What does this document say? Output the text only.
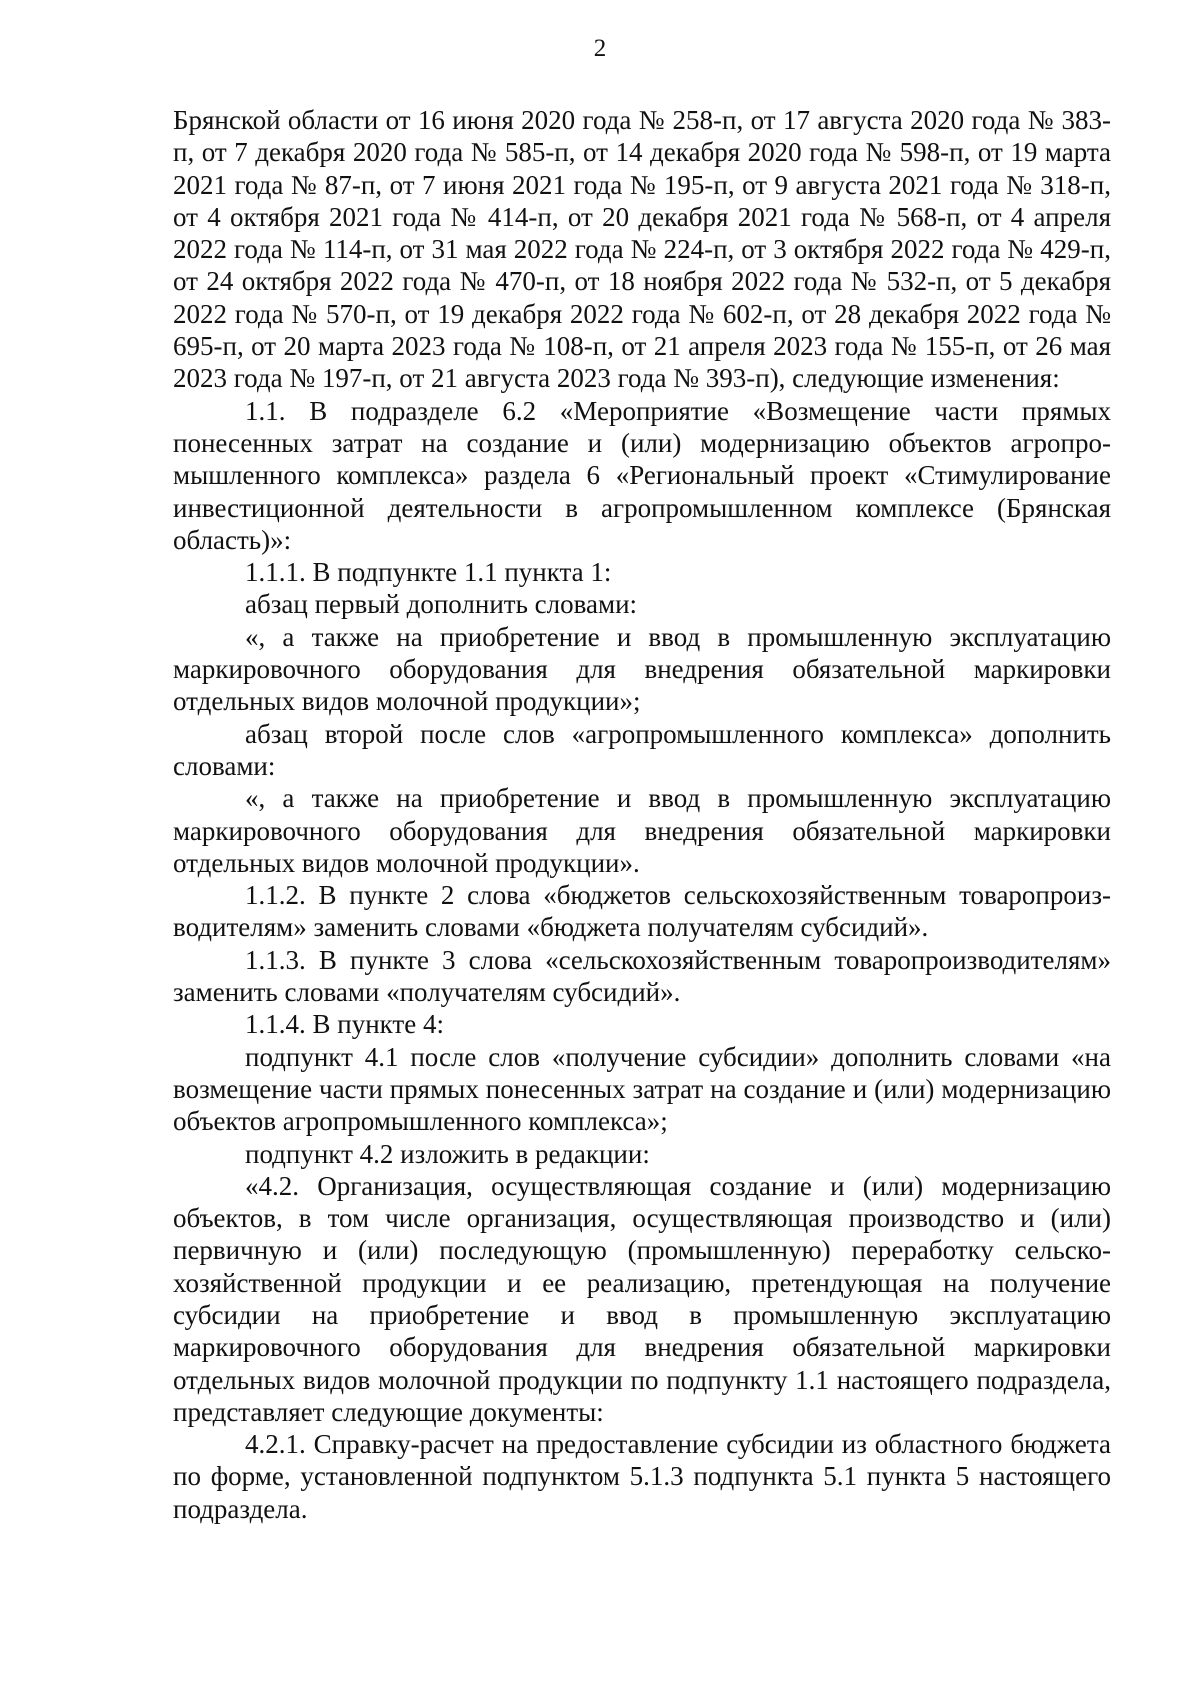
2

Брянской области от 16 июня 2020 года № 258-п, от 17 августа 2020 года № 383-п, от 7 декабря 2020 года № 585-п, от 14 декабря 2020 года № 598-п, от 19 марта 2021 года № 87-п, от 7 июня 2021 года № 195-п, от 9 августа 2021 года № 318-п, от 4 октября 2021 года № 414-п, от 20 декабря 2021 года № 568-п, от 4 апреля 2022 года № 114-п, от 31 мая 2022 года № 224-п, от 3 октября 2022 года № 429-п, от 24 октября 2022 года № 470-п, от 18 ноября 2022 года № 532-п, от 5 декабря 2022 года № 570-п, от 19 декабря 2022 года № 602-п, от 28 декабря 2022 года № 695-п, от 20 марта 2023 года № 108-п, от 21 апреля 2023 года № 155-п, от 26 мая 2023 года № 197-п, от 21 августа 2023 года № 393-п), следующие изменения:

1.1. В подразделе 6.2 «Мероприятие «Возмещение части прямых понесенных затрат на создание и (или) модернизацию объектов агропромышленного комплекса» раздела 6 «Региональный проект «Стимулирование инвестиционной деятельности в агропромышленном комплексе (Брянская область)»:

1.1.1. В подпункте 1.1 пункта 1:

абзац первый дополнить словами:

«, а также на приобретение и ввод в промышленную эксплуатацию маркировочного оборудования для внедрения обязательной маркировки отдельных видов молочной продукции»;

абзац второй после слов «агропромышленного комплекса» дополнить словами:

«, а также на приобретение и ввод в промышленную эксплуатацию маркировочного оборудования для внедрения обязательной маркировки отдельных видов молочной продукции».

1.1.2. В пункте 2 слова «бюджетов сельскохозяйственным товаропроизводителям» заменить словами «бюджета получателям субсидий».

1.1.3. В пункте 3 слова «сельскохозяйственным товаропроизводителям» заменить словами «получателям субсидий».

1.1.4. В пункте 4:

подпункт 4.1 после слов «получение субсидии» дополнить словами «на возмещение части прямых понесенных затрат на создание и (или) модернизацию объектов агропромышленного комплекса»;

подпункт 4.2 изложить в редакции:

«4.2. Организация, осуществляющая создание и (или) модернизацию объектов, в том числе организация, осуществляющая производство и (или) первичную и (или) последующую (промышленную) переработку сельскохозяйственной продукции и ее реализацию, претендующая на получение субсидии на приобретение и ввод в промышленную эксплуатацию маркировочного оборудования для внедрения обязательной маркировки отдельных видов молочной продукции по подпункту 1.1 настоящего подраздела, представляет следующие документы:

4.2.1. Справку-расчет на предоставление субсидии из областного бюджета по форме, установленной подпунктом 5.1.3 подпункта 5.1 пункта 5 настоящего подраздела.
